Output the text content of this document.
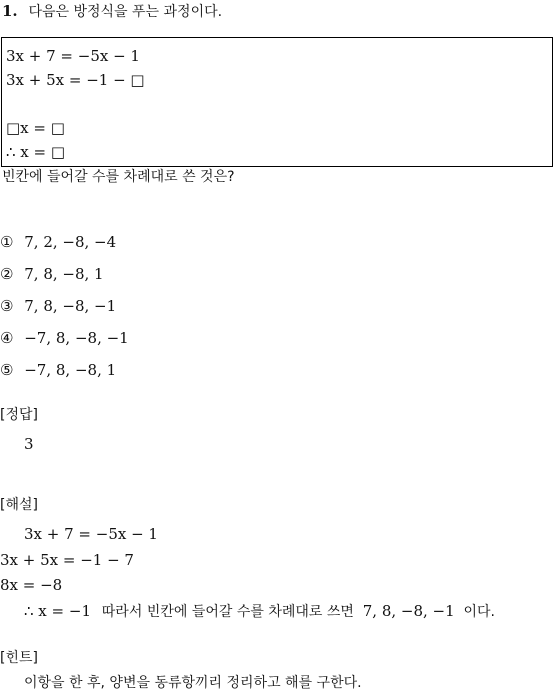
1. 다음은 방정식을 푸는 과정이다.
3x + 7 = −5x − 1
3x + 5x = −1 − □
□x = □
∴ x = □
빈칸에 들어갈 수를 차례대로 쓴 것은?
① 7, 2, −8, −4
② 7, 8, −8, 1
③ 7, 8, −8, −1
④ −7, 8, −8, −1
⑤ −7, 8, −8, 1
[정답]
3
[해설]
3x + 7 = −5x − 1
3x + 5x = −1 − 7
8x = −8
∴ x = −1 따라서 빈칸에 들어갈 수를 차례대로 쓰면 7, 8, −8, −1 이다.
[힌트]
이항을 한 후, 양변을 동류항끼리 정리하고 해를 구한다.
